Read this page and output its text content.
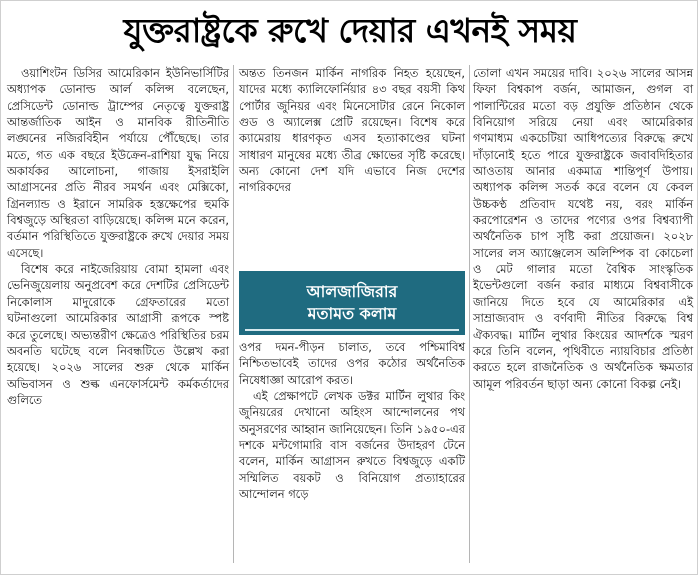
যুক্তরাষ্ট্রকে রুখে দেয়ার এখনই সময়

ওয়াশিংটন ডিসির আমেরিকান ইউনিভার্সিটির অধ্যাপক ডোনাল্ড আর্ল কলিন্স বলেছেন, প্রেসিডেন্ট ডোনাল্ড ট্রাম্পের নেতৃত্বে যুক্তরাষ্ট্র আন্তর্জাতিক আইন ও মানবিক রীতিনীতি লঙ্ঘনের নজিরবিহীন পর্যায়ে পৌঁছেছে। তার মতে, গত এক বছরে ইউক্রেন-রাশিয়া যুদ্ধ নিয়ে অকার্যকর আলোচনা, গাজায় ইসরাইলি আগ্রাসনের প্রতি নীরব সমর্থন এবং মেক্সিকো, গ্রিনল্যান্ড ও ইরানে সামরিক হস্তক্ষেপের হুমকি বিশ্বজুড়ে অস্থিরতা বাড়িয়েছে। কলিন্স মনে করেন, বর্তমান পরিস্থিতিতে যুক্তরাষ্ট্রকে রুখে দেয়ার সময় এসেছে।

বিশেষ করে নাইজেরিয়ায় বোমা হামলা এবং ভেনিজুয়েলায় অনুপ্রবেশ করে দেশটির প্রেসিডেন্ট নিকোলাস মাদুরোকে গ্রেফতারের মতো ঘটনাগুলো আমেরিকার আগ্রাসী রূপকে স্পষ্ট করে তুলেছে। অভ্যন্তরীণ ক্ষেত্রেও পরিস্থিতির চরম অবনতি ঘটেছে বলে নিবন্ধটিতে উল্লেখ করা হয়েছে। ২০২৬ সালের শুরু থেকে মার্কিন অভিবাসন ও শুল্ক এনফোর্সমেন্ট কর্মকর্তাদের গুলিতে

অন্তত তিনজন মার্কিন নাগরিক নিহত হয়েছেন, যাদের মধ্যে ক্যালিফোর্নিয়ার ৪৩ বছর বয়সী কিথ পোর্টার জুনিয়র এবং মিনেসোটার রেনে নিকোল গুড ও অ্যালেক্স প্রেটি রয়েছেন। বিশেষ করে ক্যামেরায় ধারণকৃত এসব হত্যাকাণ্ডের ঘটনা সাধারণ মানুষের মধ্যে তীব্র ক্ষোভের সৃষ্টি করেছে। অন্য কোনো দেশ যদি এভাবে নিজ দেশের নাগরিকদের

ওপর দমন-পীড়ন চালাত, তবে পশ্চিমাবিশ্ব নিশ্চিতভাবেই তাদের ওপর কঠোর অর্থনৈতিক নিষেধাজ্ঞা আরোপ করত।

এই প্রেক্ষাপটে লেখক ডক্টর মার্টিন লুথার কিং জুনিয়রের দেখানো অহিংস আন্দোলনের পথ অনুসরণের আহ্বান জানিয়েছেন। তিনি ১৯৫০-এর দশকে মন্টগোমারি বাস বর্জনের উদাহরণ টেনে বলেন, মার্কিন আগ্রাসন রুখতে বিশ্বজুড়ে একটি সম্মিলিত বয়কট ও বিনিয়োগ প্রত্যাহারের আন্দোলন গড়ে

আলজাজিরার
মতামত কলাম

তোলা এখন সময়ের দাবি। ২০২৬ সালের আসন্ন ফিফা বিশ্বকাপ বর্জন, আমাজন, গুগল বা পালান্টিরের মতো বড় প্রযুক্তি প্রতিষ্ঠান থেকে বিনিয়োগ সরিয়ে নেয়া এবং আমেরিকার গণমাধ্যম একচেটিয়া আধিপত্যের বিরুদ্ধে রুখে দাঁড়ানোই হতে পারে যুক্তরাষ্ট্রকে জবাবদিহিতার আওতায় আনার একমাত্র শান্তিপূর্ণ উপায়। অধ্যাপক কলিন্স সতর্ক করে বলেন যে কেবল উচ্চকণ্ঠ প্রতিবাদ যথেষ্ট নয়, বরং মার্কিন করপোরেশন ও তাদের পণ্যের ওপর বিশ্বব্যাপী অর্থনৈতিক চাপ সৃষ্টি করা প্রয়োজন। ২০২৮ সালের লস অ্যাঞ্জেলেস অলিম্পিক বা কোচেলা ও মেট গালার মতো বৈশ্বিক সাংস্কৃতিক ইভেন্টগুলো বর্জন করার মাধ্যমে বিশ্ববাসীকে জানিয়ে দিতে হবে যে আমেরিকার এই সাম্রাজ্যবাদ ও বর্ণবাদী নীতির বিরুদ্ধে বিশ্ব ঐক্যবদ্ধ। মার্টিন লুথার কিংয়ের আদর্শকে স্মরণ করে তিনি বলেন, পৃথিবীতে ন্যায়বিচার প্রতিষ্ঠা করতে হলে রাজনৈতিক ও অর্থনৈতিক ক্ষমতার আমূল পরিবর্তন ছাড়া অন্য কোনো বিকল্প নেই।
